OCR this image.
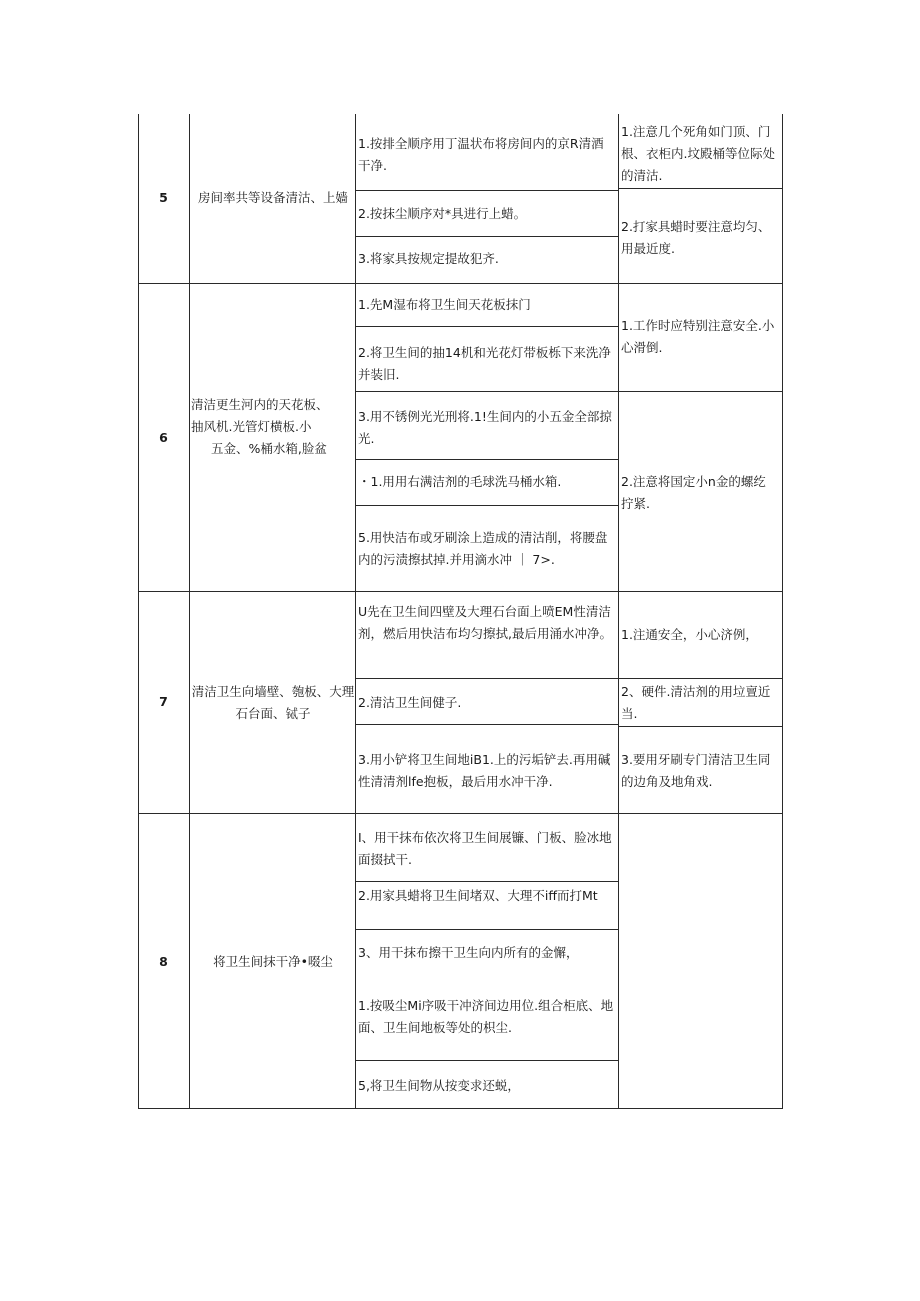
5	房间率共等设备清沽、上嫱
1.按排全顺序用丁温状布将房间内的京R清酒干净.
2.按抹尘顺序对*具进行上蜡。
3.将家具按规定提故犯齐.
1.注意几个死角如门顶、门根、衣柜内.坟殿桶等位际处的清沽.
2.打家具蜡时要注意均匀、用最近度.
6
清洁更生河内的天花板、
抽风机.光管灯横板.小
五金、%桶水箱,脸盆
1.先M湿布将卫生间天花板抹门
2.将卫生间的抽14机和光花灯带板栎下来洗净并装旧.
3.用不锈例光光刑将.1!生间内的小五金全部掠光.
・1.用用右满洁剂的毛球洗马桶水箱.
5.用快洁布或牙刷涂上造成的清沽削，将腰盘内的污渍擦拭掉.并用滴水冲 ｜ 7>.
1.工作时应特别注意安全.小心滑倒.
2.注意将国定小n金的螺纥拧紧.
7
清洁卫生向墙壁、匏板、大理石台面、铽子
U先在卫生间四壁及大理石台面上喷EM性清洁剂，燃后用快洁布均匀擦拭,最后用涌水冲净。
2.清沽卫生间健子.
3.用小铲将卫生间地iB1.上的污垢铲去.再用碱性清清剂lfe抱板，最后用水冲干净.
1.注通安全，小心济例，
2、硬件.清沽剂的用垃亶近当.
3.要用牙刷专门清洁卫生同的边角及地角戏.
8	将卫生间抹干净•啜尘
I、用干抹布依次将卫生间展镰、门板、脸冰地面掇拭干.
2.用家具蜡将卫生间堵双、大理不iff而打Mt
3、用干抹布擦干卫生向内所有的金懈，
1.按吸尘Mi序吸干冲济间边用位.组合柜底、地面、卫生间地板等处的枳尘.
5,将卫生间物从按变求还蜕，
